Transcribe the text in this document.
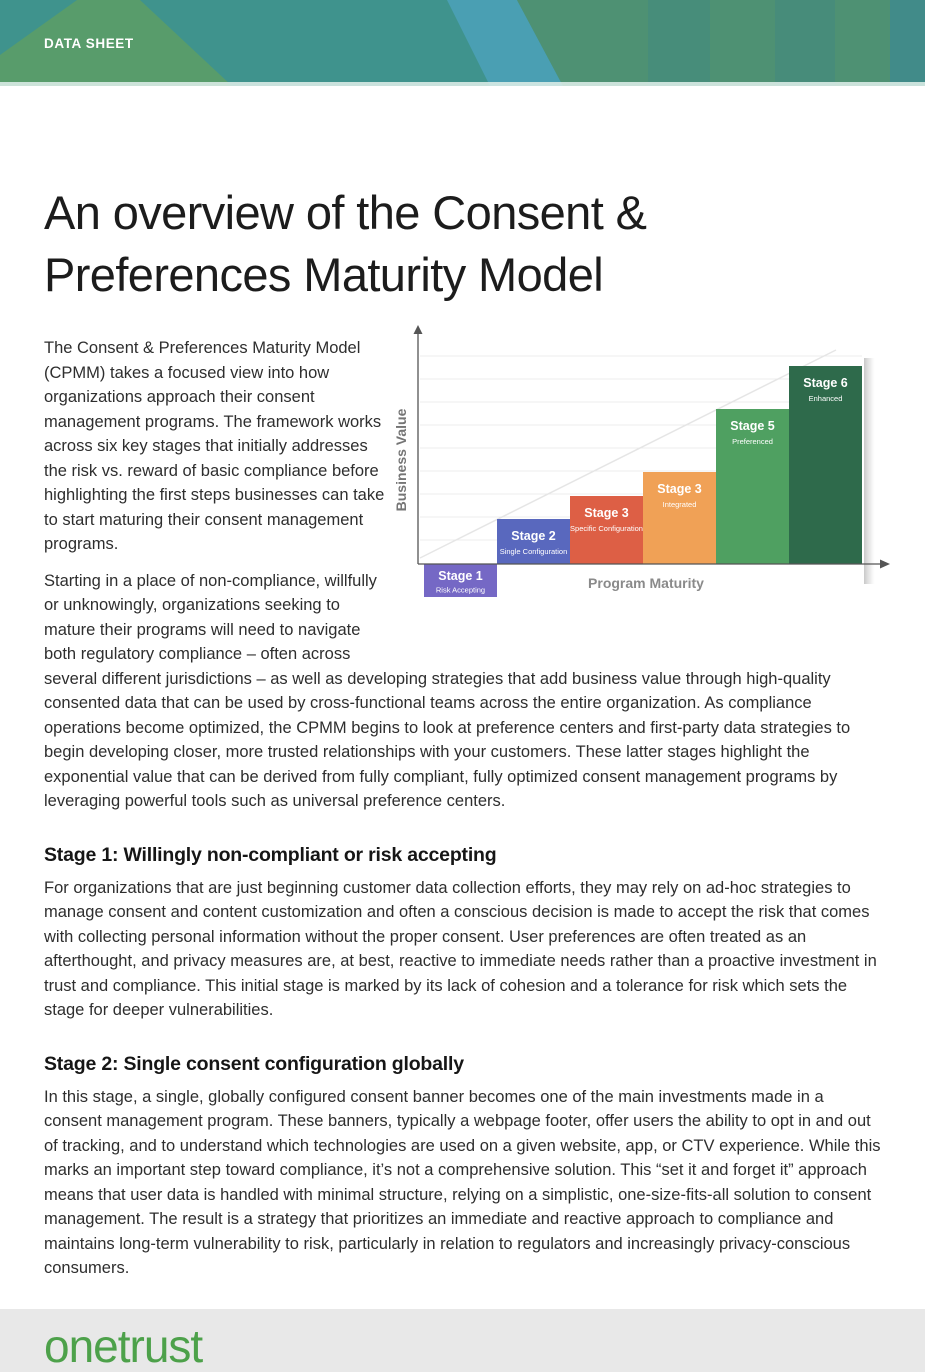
DATA SHEET
An overview of the Consent &
Preferences Maturity Model
Stage 1
Risk Accepting
Stage 2
Single Configuration
Stage 3
Specific Configuration
Stage 3
Integrated
Stage 5
Preferenced
Stage 6
Enhanced
Business Value
Program Maturity

The Consent & Preferences Maturity Model (CPMM) takes a focused view into how organizations approach their consent management programs. The framework works across six key stages that initially addresses the risk vs. reward of basic compliance before highlighting the first steps businesses can take to start maturing their consent management programs.

Starting in a place of non-compliance, willfully or unknowingly, organizations seeking to mature their programs will need to navigate both regulatory compliance – often across several different jurisdictions – as well as developing strategies that add business value through high-quality consented data that can be used by cross-functional teams across the entire organization. As compliance operations become optimized, the CPMM begins to look at preference centers and first-party data strategies to begin developing closer, more trusted relationships with your customers. These latter stages highlight the exponential value that can be derived from fully compliant, fully optimized consent management programs by leveraging powerful tools such as universal preference centers.

Stage 1: Willingly non-compliant or risk accepting

For organizations that are just beginning customer data collection efforts, they may rely on ad-hoc strategies to manage consent and content customization and often a conscious decision is made to accept the risk that comes with collecting personal information without the proper consent. User preferences are often treated as an afterthought, and privacy measures are, at best, reactive to immediate needs rather than a proactive investment in trust and compliance. This initial stage is marked by its lack of cohesion and a tolerance for risk which sets the stage for deeper vulnerabilities.

Stage 2: Single consent configuration globally

In this stage, a single, globally configured consent banner becomes one of the main investments made in a consent management program. These banners, typically a webpage footer, offer users the ability to opt in and out of tracking, and to understand which technologies are used on a given website, app, or CTV experience. While this marks an important step toward compliance, it’s not a comprehensive solution. This “set it and forget it” approach means that user data is handled with minimal structure, relying on a simplistic, one-size-fits-all solution to consent management. The result is a strategy that prioritizes an immediate and reactive approach to compliance and maintains long-term vulnerability to risk, particularly in relation to regulators and increasingly privacy-conscious consumers.

onetrust
